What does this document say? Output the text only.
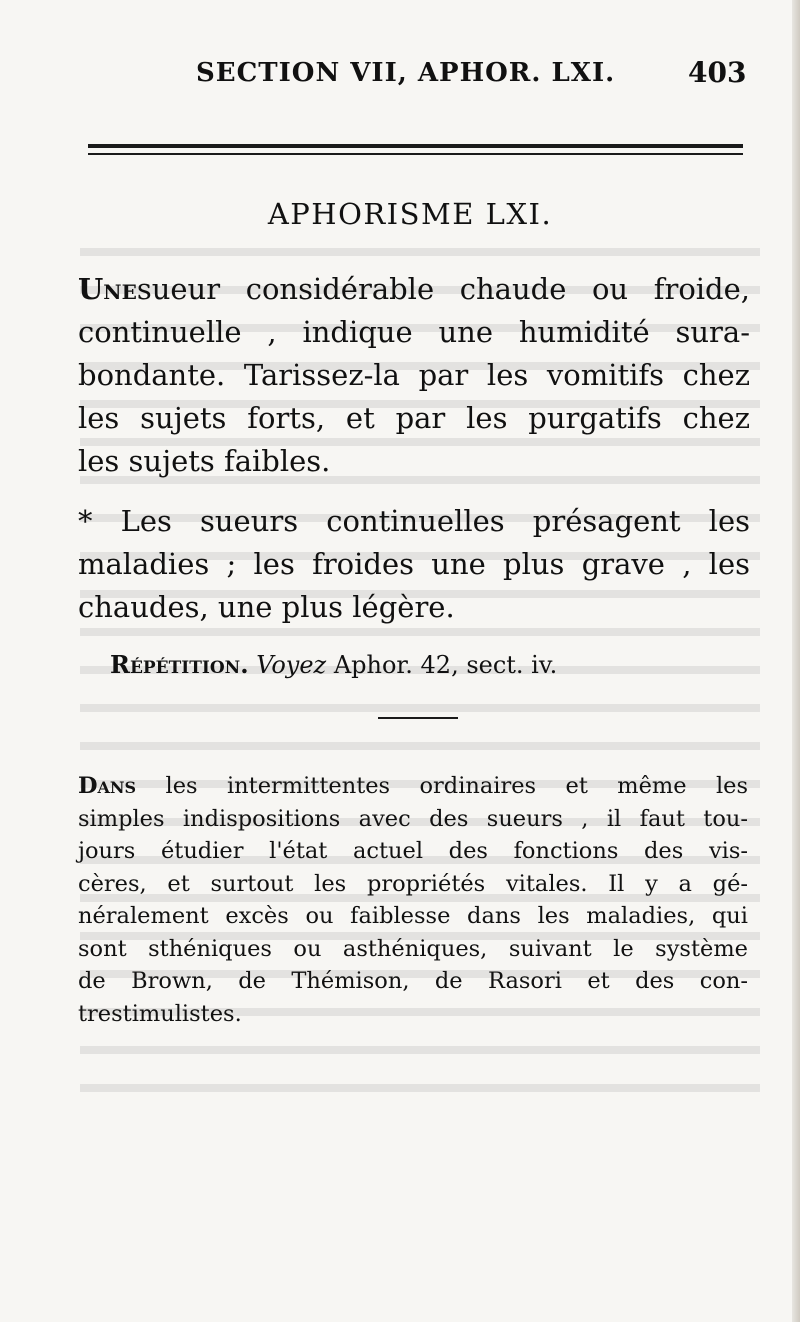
SECTION VII, APHOR. LXI.	403
APHORISME LXI.
Unesueur considérable chaude ou froide,
continuelle , indique une humidité sura-
bondante. Tarissez-la par les vomitifs chez
les sujets forts, et par les purgatifs chez
les sujets faibles.
* Les sueurs continuelles présagent les
maladies ; les froides une plus grave , les
chaudes, une plus légère.
Répétition. Voyez Aphor. 42, sect. iv.
Dans les intermittentes ordinaires et même les
simples indispositions avec des sueurs , il faut tou-
jours étudier l'état actuel des fonctions des vis-
cères, et surtout les propriétés vitales. Il y a gé-
néralement excès ou faiblesse dans les maladies, qui
sont sthéniques ou asthéniques, suivant le système
de Brown, de Thémison, de Rasori et des con-
trestimulistes.
